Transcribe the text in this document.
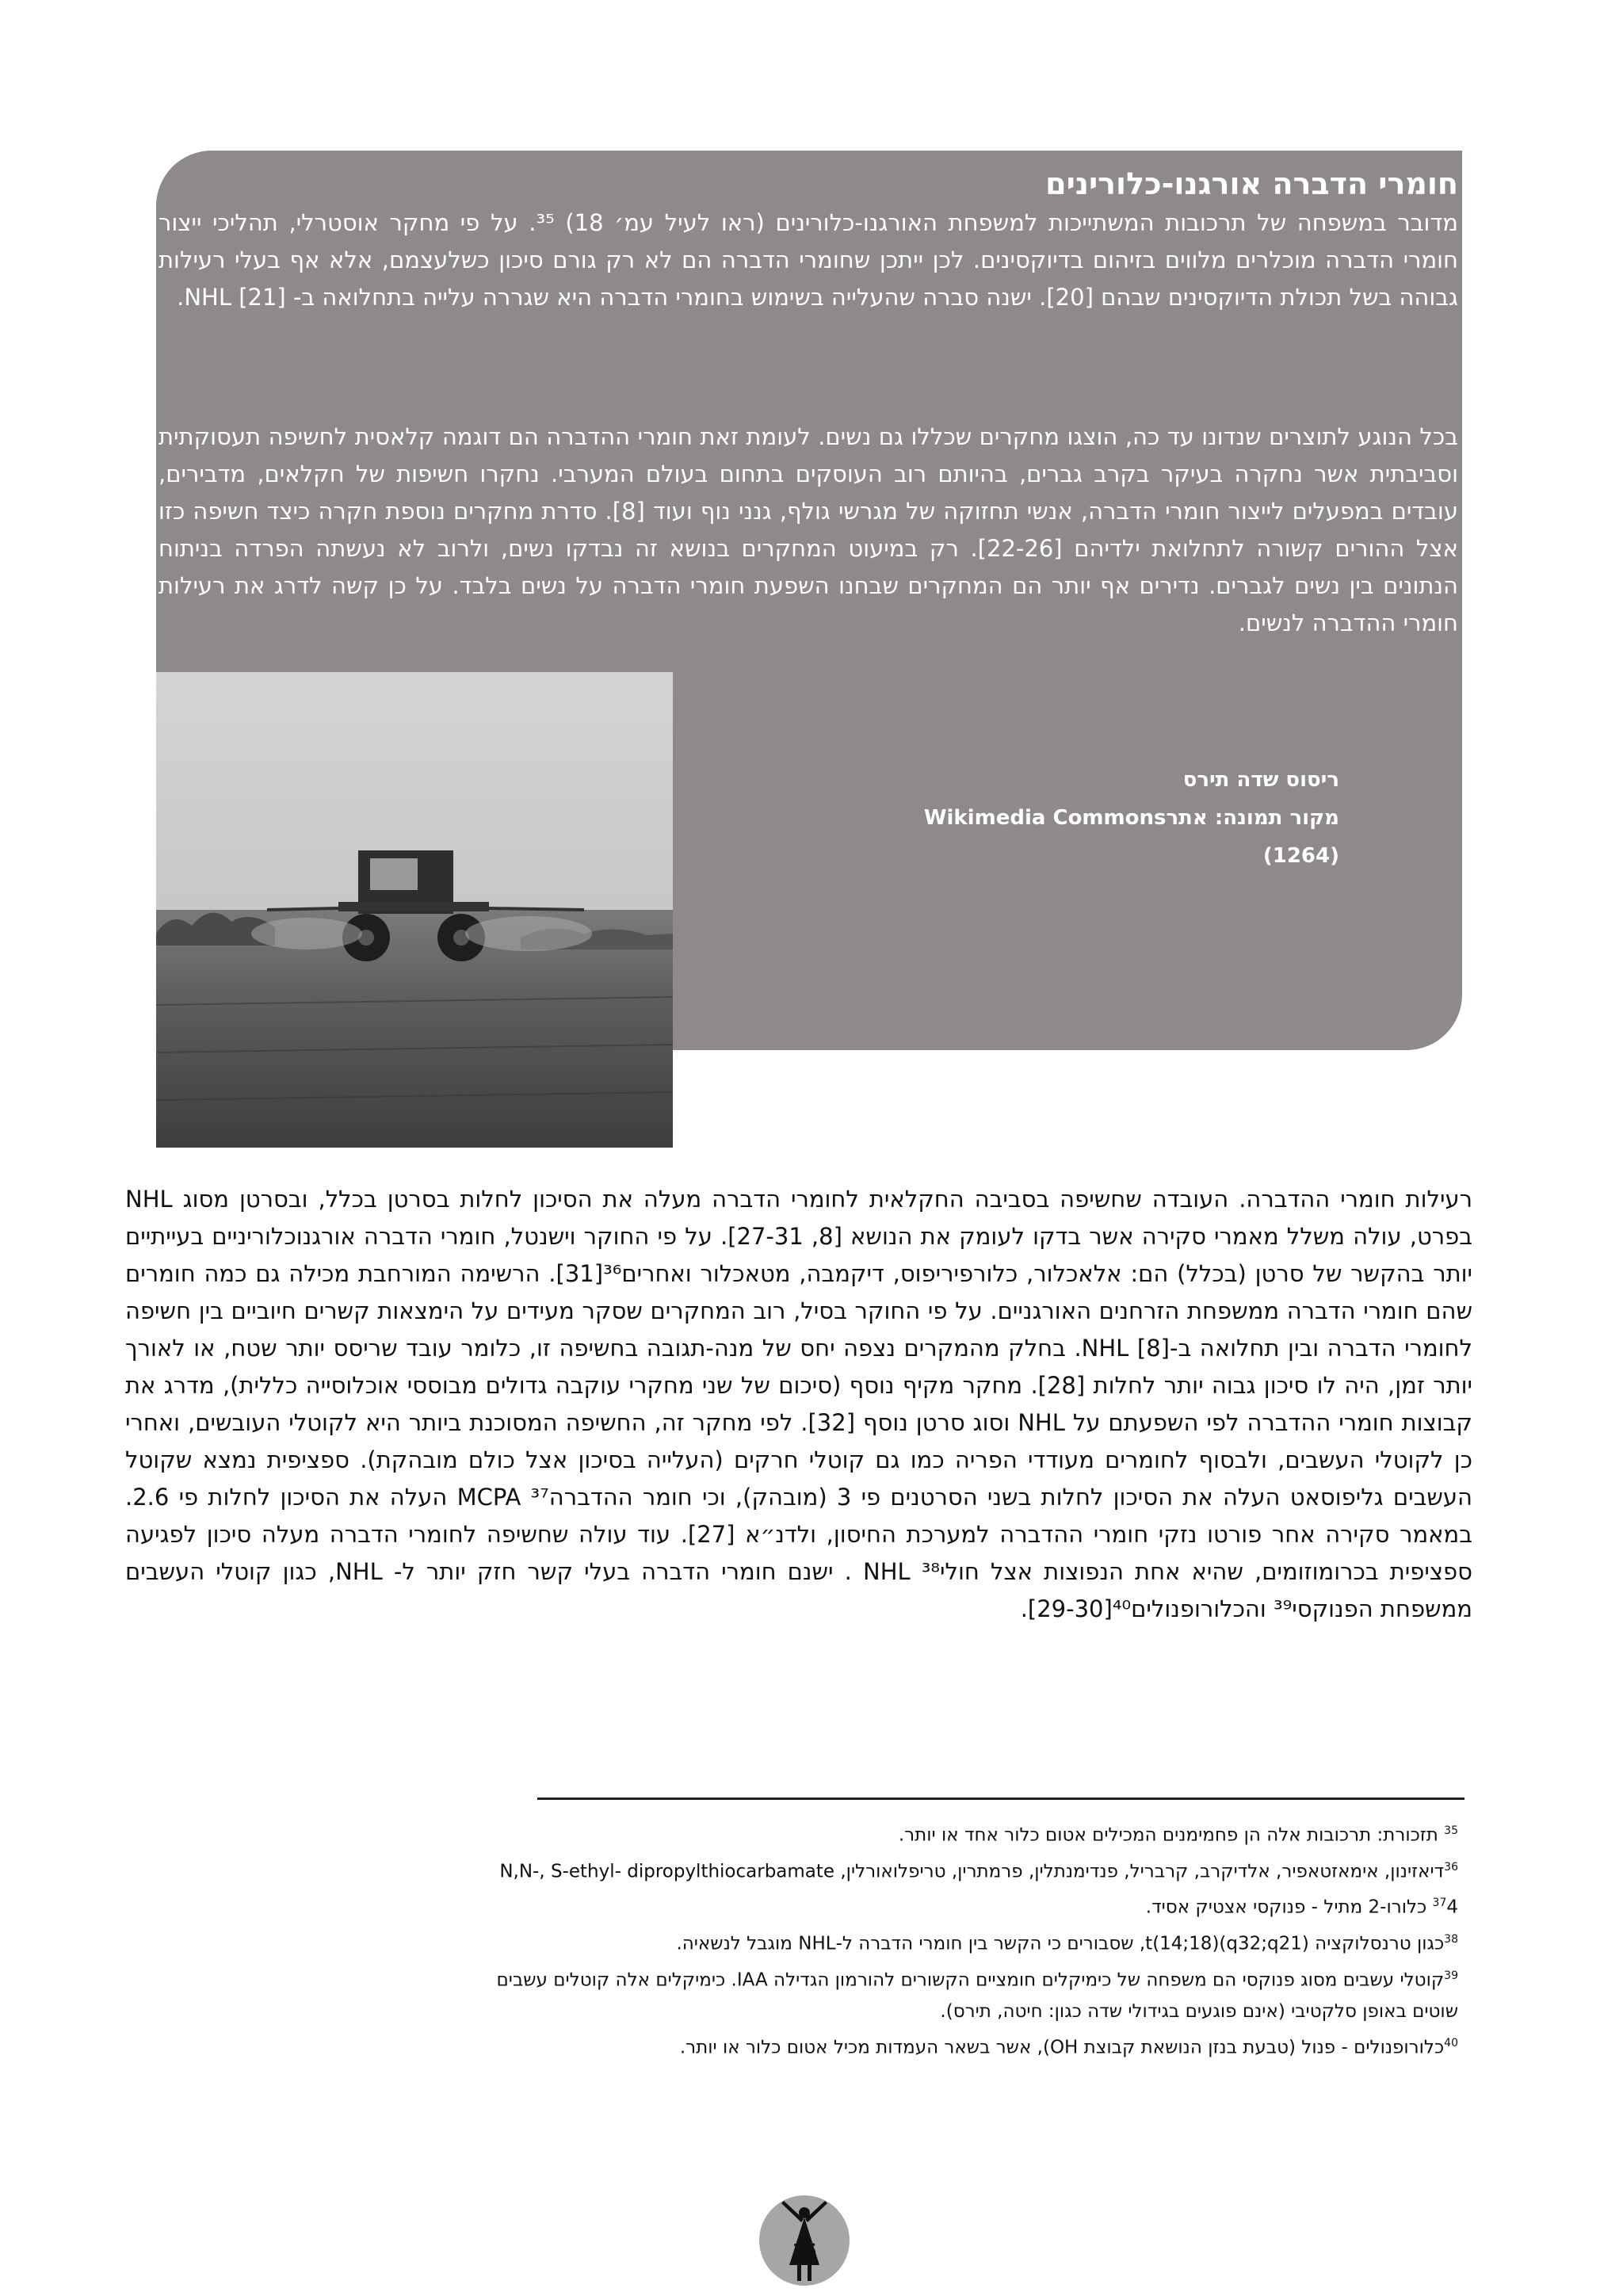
חומרי הדברה אורגנו-כלורינים

מדובר במשפחה של תרכובות המשתייכות למשפחת האורגנו-כלורינים (ראו לעיל עמ׳ 18) ³⁵. על פי מחקר אוסטרלי, תהליכי ייצור חומרי הדברה מוכלרים מלווים בזיהום בדיוקסינים. לכן ייתכן שחומרי הדברה הם לא רק גורם סיכון כשלעצמם, אלא אף בעלי רעילות גבוהה בשל תכולת הדיוקסינים שבהם [20]. ישנה סברה שהעלייה בשימוש בחומרי הדברה היא שגררה עלייה בתחלואה ב- NHL [21].

בכל הנוגע לתוצרים שנדונו עד כה, הוצגו מחקרים שכללו גם נשים. לעומת זאת חומרי ההדברה הם דוגמה קלאסית לחשיפה תעסוקתית וסביבתית אשר נחקרה בעיקר בקרב גברים, בהיותם רוב העוסקים בתחום בעולם המערבי. נחקרו חשיפות של חקלאים, מדבירים, עובדים במפעלים לייצור חומרי הדברה, אנשי תחזוקה של מגרשי גולף, גנני נוף ועוד [8]. סדרת מחקרים נוספת חקרה כיצד חשיפה כזו אצל ההורים קשורה לתחלואת ילדיהם [22-26]. רק במיעוט המחקרים בנושא זה נבדקו נשים, ולרוב לא נעשתה הפרדה בניתוח הנתונים בין נשים לגברים. נדירים אף יותר הם המחקרים שבחנו השפעת חומרי הדברה על נשים בלבד. על כן קשה לדרג את רעילות חומרי ההדברה לנשים.

ריסוס שדה תירס
מקור תמונה: אתרWikimedia Commons
(1264)

רעילות חומרי ההדברה. העובדה שחשיפה בסביבה החקלאית לחומרי הדברה מעלה את הסיכון לחלות בסרטן בכלל, ובסרטן מסוג NHL בפרט, עולה משלל מאמרי סקירה אשר בדקו לעומק את הנושא [8, 27-31]. על פי החוקר וישנטל, חומרי הדברה אורגנוכלוריניים בעייתיים יותר בהקשר של סרטן (בכלל) הם: אלאכלור, כלורפיריפוס, דיקמבה, מטאכלור ואחרים³⁶[31]. הרשימה המורחבת מכילה גם כמה חומרים שהם חומרי הדברה ממשפחת הזרחנים האורגניים. על פי החוקר בסיל, רוב המחקרים שסקר מעידים על הימצאות קשרים חיוביים בין חשיפה לחומרי הדברה ובין תחלואה ב-[8] NHL. בחלק מהמקרים נצפה יחס של מנה-תגובה בחשיפה זו, כלומר עובד שריסס יותר שטח, או לאורך יותר זמן, היה לו סיכון גבוה יותר לחלות [28]. מחקר מקיף נוסף (סיכום של שני מחקרי עוקבה גדולים מבוססי אוכלוסייה כללית), מדרג את קבוצות חומרי ההדברה לפי השפעתם על NHL וסוג סרטן נוסף [32]. לפי מחקר זה, החשיפה המסוכנת ביותר היא לקוטלי העובשים, ואחרי כן לקוטלי העשבים, ולבסוף לחומרים מעודדי הפריה כמו גם קוטלי חרקים (העלייה בסיכון אצל כולם מובהקת). ספציפית נמצא שקוטל העשבים גליפוסאט העלה את הסיכון לחלות בשני הסרטנים פי 3 (מובהק), וכי חומר ההדברהMCPA ³⁷ העלה את הסיכון לחלות פי 2.6. במאמר סקירה אחר פורטו נזקי חומרי ההדברה למערכת החיסון, ולדנ״א [27]. עוד עולה שחשיפה לחומרי הדברה מעלה סיכון לפגיעה ספציפית בכרומוזומים, שהיא אחת הנפוצות אצל חוליNHL ³⁸ . ישנם חומרי הדברה בעלי קשר חזק יותר ל- NHL, כגון קוטלי העשבים ממשפחת הפנוקסי³⁹ והכלורופנולים⁴⁰[29-30].

$^{35}$ תזכורת: תרכובות אלה הן פחמימנים המכילים אטום כלור אחד או יותר.
$^{36}$דיאזינון, אימאזטאפיר, אלדיקרב, קרבריל, פנדימנתלין, פרמתרין, טריפלואורלין, N,N-, S-ethyl- dipropylthiocarbamate
$^{37}$4 כלורו-2 מתיל - פנוקסי אצטיק אסיד.
$^{38}$כגון טרנסלוקציה t(14;18)(q32;q21), שסבורים כי הקשר בין חומרי הדברה ל-NHL מוגבל לנשאיה.
$^{39}$קוטלי עשבים מסוג פנוקסי הם משפחה של כימיקלים חומציים הקשורים להורמון הגדילה IAA. כימיקלים אלה קוטלים עשבים שוטים באופן סלקטיבי (אינם פוגעים בגידולי שדה כגון: חיטה, תירס).
$^{40}$כלורופנולים - פנול (טבעת בנזן הנושאת קבוצת OH), אשר בשאר העמדות מכיל אטום כלור או יותר.
16
